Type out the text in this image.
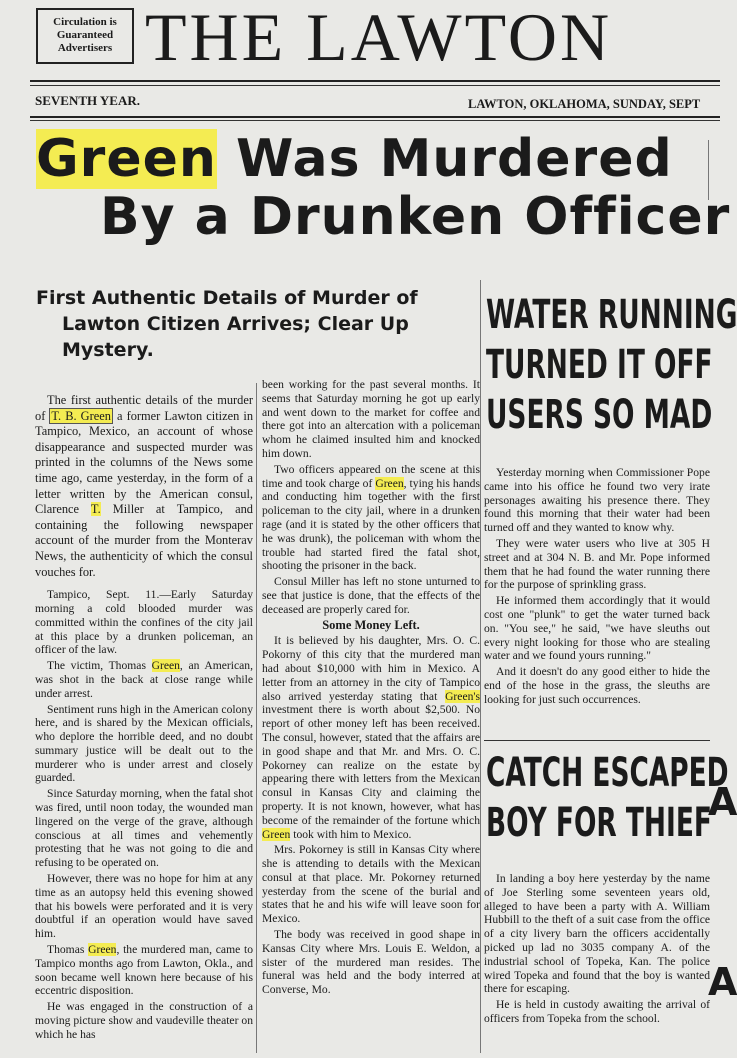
Circulation is
Guaranteed
Advertisers THE LAWTON
SEVENTH YEAR.	LAWTON, OKLAHOMA, SUNDAY, SEPT
Green Was Murdered
By a Drunken Officer
A
A
First Authentic Details of Murder of
Lawton Citizen Arrives; Clear Up
Mystery.

The first authentic details of the murder of T. B. Green a former Lawton citizen in Tampico, Mexico, an account of whose disappearance and suspected murder was printed in the columns of the News some time ago, came yesterday, in the form of a letter written by the American consul, Clarence T. Miller at Tampico, and containing the following newspaper account of the murder from the Monterav News, the authenticity of which the consul vouches for.

Tampico, Sept. 11.—Early Saturday morning a cold blooded murder was committed within the confines of the city jail at this place by a drunken policeman, an officer of the law.

The victim, Thomas Green, an American, was shot in the back at close range while under arrest.

Sentiment runs high in the American colony here, and is shared by the Mexican officials, who deplore the horrible deed, and no doubt summary justice will be dealt out to the murderer who is under arrest and closely guarded.

Since Saturday morning, when the fatal shot was fired, until noon today, the wounded man lingered on the verge of the grave, although conscious at all times and vehemently protesting that he was not going to die and refusing to be operated on.

However, there was no hope for him at any time as an autopsy held this evening showed that his bowels were perforated and it is very doubtful if an operation would have saved him.

Thomas Green, the murdered man, came to Tampico months ago from Lawton, Okla., and soon became well known here because of his eccentric disposition.

He was engaged in the construction of a moving picture show and vaudeville theater on which he has

been working for the past several months. It seems that Saturday morning he got up early and went down to the market for coffee and there got into an altercation with a policeman whom he claimed insulted him and knocked him down.

Two officers appeared on the scene at this time and took charge of Green, tying his hands and conducting him together with the first policeman to the city jail, where in a drunken rage (and it is stated by the other officers that he was drunk), the policeman with whom the trouble had started fired the fatal shot, shooting the prisoner in the back.

Consul Miller has left no stone unturned to see that justice is done, that the effects of the deceased are properly cared for.

Some Money Left.

It is believed by his daughter, Mrs. O. C. Pokorny of this city that the murdered man had about $10,000 with him in Mexico. A letter from an attorney in the city of Tampico also arrived yesterday stating that Green's investment there is worth about $2,500. No report of other money left has been received. The consul, however, stated that the affairs are in good shape and that Mr. and Mrs. O. C. Pokorney can realize on the estate by appearing there with letters from the Mexican consul in Kansas City and claiming the property. It is not known, however, what has become of the remainder of the fortune which Green took with him to Mexico.

Mrs. Pokorney is still in Kansas City where she is attending to details with the Mexican consul at that place. Mr. Pokorney returned yesterday from the scene of the burial and states that he and his wife will leave soon for Mexico.

The body was received in good shape in Kansas City where Mrs. Louis E. Weldon, a sister of the murdered man resides. The funeral was held and the body interred at Converse, Mo.

WATER RUNNING
TURNED IT OFF
USERS SO MAD

Yesterday morning when Commissioner Pope came into his office he found two very irate personages awaiting his presence there. They found this morning that their water had been turned off and they wanted to know why.

They were water users who live at 305 H street and at 304 N. B. and Mr. Pope informed them that he had found the water running there for the purpose of sprinkling grass.

He informed them accordingly that it would cost one "plunk" to get the water turned back on. "You see," he said, "we have sleuths out every night looking for those who are stealing water and we found yours running."

And it doesn't do any good either to hide the end of the hose in the grass, the sleuths are looking for just such occurrences.

CATCH ESCAPED
BOY FOR THIEF

In landing a boy here yesterday by the name of Joe Sterling some seventeen years old, alleged to have been a party with A. William Hubbill to the theft of a suit case from the office of a city livery barn the officers accidentally picked up lad no 3035 company A. of the industrial school of Topeka, Kan. The police wired Topeka and found that the boy is wanted there for escaping.

He is held in custody awaiting the arrival of officers from Topeka from the school.
